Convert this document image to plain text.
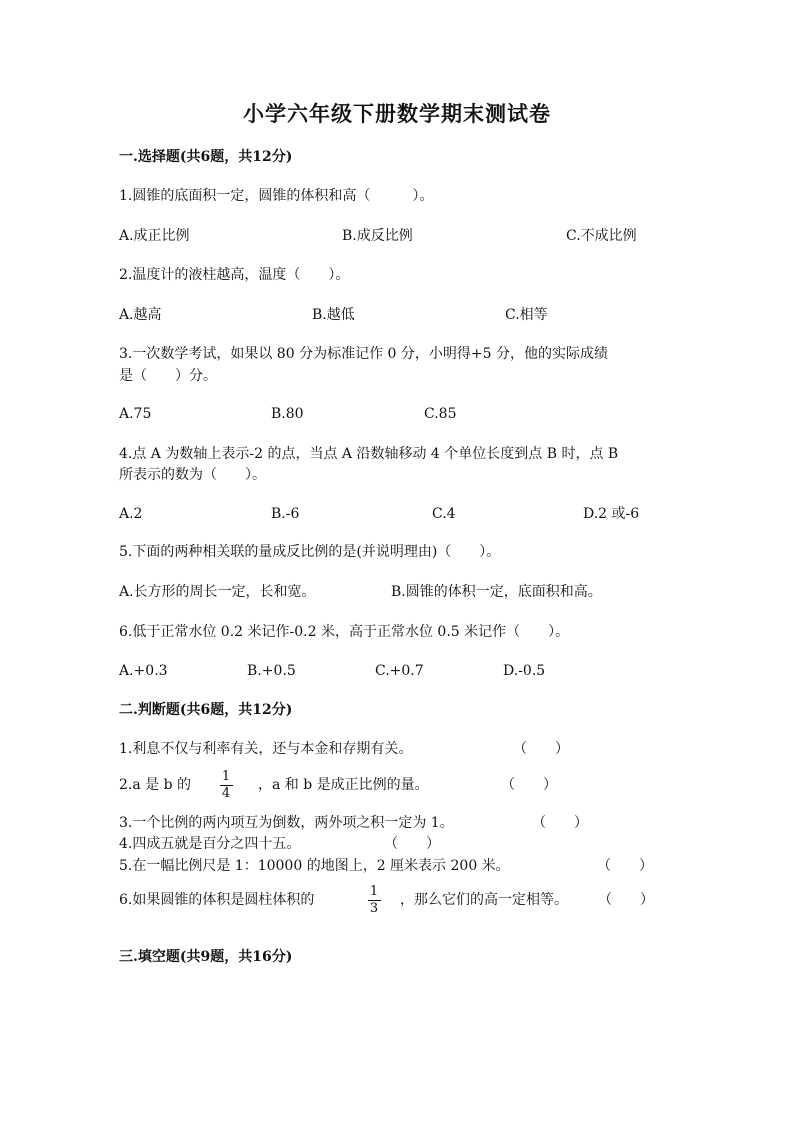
小学六年级下册数学期末测试卷
一.选择题(共6题，共12分)
1.圆锥的底面积一定，圆锥的体积和高（　　　）。
A.成正比例	B.成反比例	C.不成比例
2.温度计的液柱越高，温度（　　）。
A.越高	B.越低	C.相等
3.一次数学考试，如果以 80 分为标准记作 0 分，小明得+5 分，他的实际成绩
是（　　）分。
A.75	B.80	C.85
4.点 A 为数轴上表示-2 的点，当点 A 沿数轴移动 4 个单位长度到点 B 时，点 B
所表示的数为（　　）。
A.2	B.-6	C.4	D.2 或-6
5.下面的两种相关联的量成反比例的是(并说明理由)（　　）。
A.长方形的周长一定，长和宽。	B.圆锥的体积一定，底面积和高。
6.低于正常水位 0.2 米记作-0.2 米，高于正常水位 0.5 米记作（　　）。
A.+0.3	B.+0.5	C.+0.7	D.-0.5
二.判断题(共6题，共12分)
1.利息不仅与利率有关，还与本金和存期有关。	（　　）
2.a 是 b 的
1
4
，a 和 b 是成正比例的量。	（　　）
3.一个比例的两内项互为倒数，两外项之积一定为 1。	（　　）
4.四成五就是百分之四十五。	（　　）
5.在一幅比例尺是 1：10000 的地图上，2 厘米表示 200 米。	（　　）
6.如果圆锥的体积是圆柱体积的
1
3
，那么它们的高一定相等。 （　　）
三.填空题(共9题，共16分)
